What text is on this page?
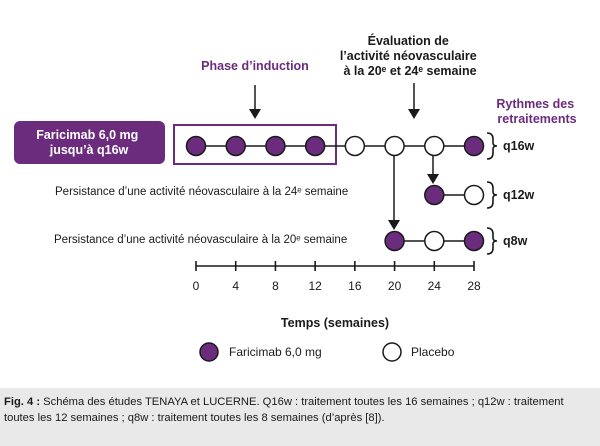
Phase d’induction
Évaluation de l’activité néovasculaire à la 20ᵉ et 24ᵉ semaine
Rythmes des retraitements
Faricimab 6,0 mg jusqu’à q16w
Persistance d’une activité néovasculaire à la 24ᵉ semaine
Persistance d’une activité néovasculaire à la 20ᵉ semaine
q16w
q12w
q8w
0	4	8 12 16 20 24 28
Temps (semaines)
Faricimab 6,0 mg	Placebo

Fig. 4 : Schéma des études TENAYA et LUCERNE. Q16w : traitement toutes les 16 semaines ; q12w : traitement toutes les 12 semaines ; q8w : traitement toutes les 8 semaines (d’après [8]).
